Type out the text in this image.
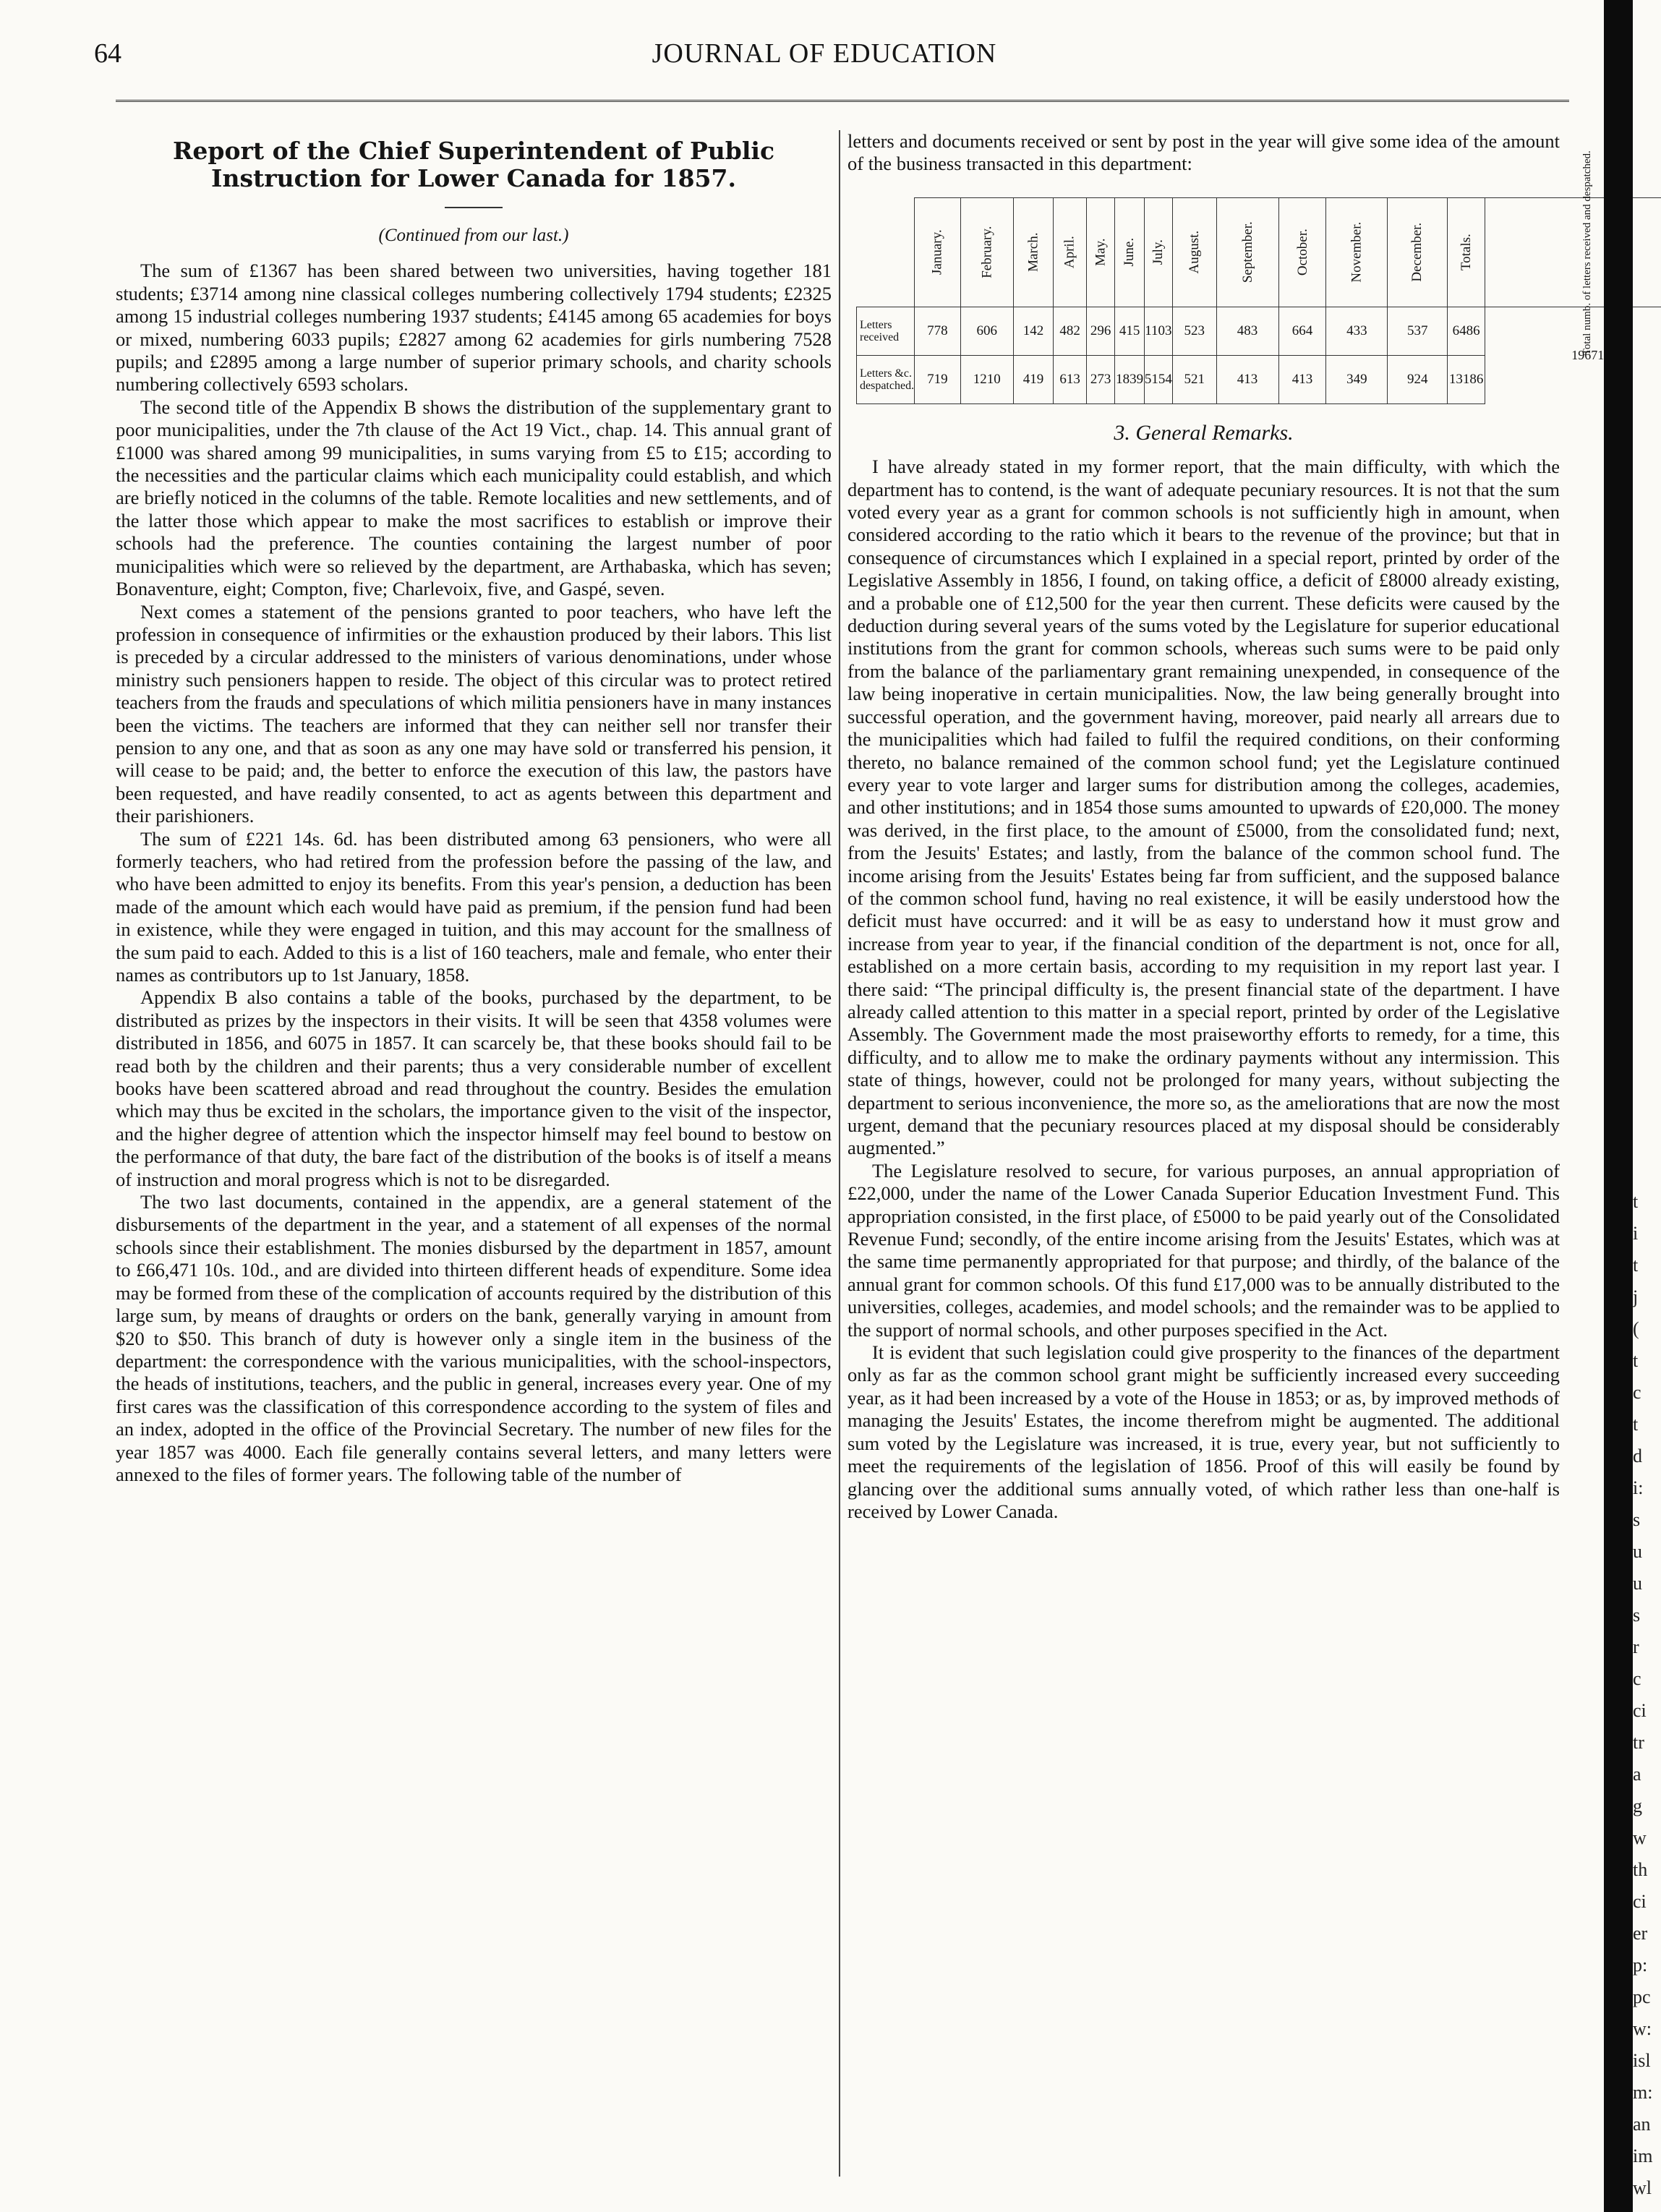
64	JOURNAL OF EDUCATION
Report of the Chief Superintendent of Public Instruction for Lower Canada for 1857.
(Continued from our last.)

The sum of £1367 has been shared between two universities, having together 181 students; £3714 among nine classical colleges numbering collectively 1794 students; £2325 among 15 industrial colleges numbering 1937 students; £4145 among 65 academies for boys or mixed, numbering 6033 pupils; £2827 among 62 academies for girls numbering 7528 pupils; and £2895 among a large number of superior primary schools, and charity schools numbering collectively 6593 scholars.

The second title of the Appendix B shows the distribution of the supplementary grant to poor municipalities, under the 7th clause of the Act 19 Vict., chap. 14. This annual grant of £1000 was shared among 99 municipalities, in sums varying from £5 to £15; according to the necessities and the particular claims which each municipality could establish, and which are briefly noticed in the columns of the table. Remote localities and new settlements, and of the latter those which appear to make the most sacrifices to establish or improve their schools had the preference. The counties containing the largest number of poor municipalities which were so relieved by the department, are Arthabaska, which has seven; Bonaventure, eight; Compton, five; Charlevoix, five, and Gaspé, seven.

Next comes a statement of the pensions granted to poor teachers, who have left the profession in consequence of infirmities or the exhaustion produced by their labors. This list is preceded by a circular addressed to the ministers of various denominations, under whose ministry such pensioners happen to reside. The object of this circular was to protect retired teachers from the frauds and speculations of which militia pensioners have in many instances been the victims. The teachers are informed that they can neither sell nor transfer their pension to any one, and that as soon as any one may have sold or transferred his pension, it will cease to be paid; and, the better to enforce the execution of this law, the pastors have been requested, and have readily consented, to act as agents between this department and their parishioners.

The sum of £221 14s. 6d. has been distributed among 63 pensioners, who were all formerly teachers, who had retired from the profession before the passing of the law, and who have been admitted to enjoy its benefits. From this year's pension, a deduction has been made of the amount which each would have paid as premium, if the pension fund had been in existence, while they were engaged in tuition, and this may account for the smallness of the sum paid to each. Added to this is a list of 160 teachers, male and female, who enter their names as contributors up to 1st January, 1858.

Appendix B also contains a table of the books, purchased by the department, to be distributed as prizes by the inspectors in their visits. It will be seen that 4358 volumes were distributed in 1856, and 6075 in 1857. It can scarcely be, that these books should fail to be read both by the children and their parents; thus a very considerable number of excellent books have been scattered abroad and read throughout the country. Besides the emulation which may thus be excited in the scholars, the importance given to the visit of the inspector, and the higher degree of attention which the inspector himself may feel bound to bestow on the performance of that duty, the bare fact of the distribution of the books is of itself a means of instruction and moral progress which is not to be disregarded.

The two last documents, contained in the appendix, are a general statement of the disbursements of the department in the year, and a statement of all expenses of the normal schools since their establishment. The monies disbursed by the department in 1857, amount to £66,471 10s. 10d., and are divided into thirteen different heads of expenditure. Some idea may be formed from these of the complication of accounts required by the distribution of this large sum, by means of draughts or orders on the bank, generally varying in amount from $20 to $50. This branch of duty is however only a single item in the business of the department: the correspondence with the various municipalities, with the school-inspectors, the heads of institutions, teachers, and the public in general, increases every year. One of my first cares was the classification of this correspondence according to the system of files and an index, adopted in the office of the Provincial Secretary. The number of new files for the year 1857 was 4000. Each file generally contains several letters, and many letters were annexed to the files of former years. The following table of the number of

letters and documents received or sent by post in the year will give some idea of the amount of the business transacted in this department:

	January.	February.	March.	April.	May.	June.	July.	August.	September.	October.	November.	December.	Totals.	Total numb. of letters received and despatched.
Letters received	778	606	142	482	296	415	1103	523	483	664	433	537	6486	19671
Letters &c. despatched.	719	1210	419	613	273	1839	5154	521	413	413	349	924	13186	
3. General Remarks.

I have already stated in my former report, that the main difficulty, with which the department has to contend, is the want of adequate pecuniary resources. It is not that the sum voted every year as a grant for common schools is not sufficiently high in amount, when considered according to the ratio which it bears to the revenue of the province; but that in consequence of circumstances which I explained in a special report, printed by order of the Legislative Assembly in 1856, I found, on taking office, a deficit of £8000 already existing, and a probable one of £12,500 for the year then current. These deficits were caused by the deduction during several years of the sums voted by the Legislature for superior educational institutions from the grant for common schools, whereas such sums were to be paid only from the balance of the parliamentary grant remaining unexpended, in consequence of the law being inoperative in certain municipalities. Now, the law being generally brought into successful operation, and the government having, moreover, paid nearly all arrears due to the municipalities which had failed to fulfil the required conditions, on their conforming thereto, no balance remained of the common school fund; yet the Legislature continued every year to vote larger and larger sums for distribution among the colleges, academies, and other institutions; and in 1854 those sums amounted to upwards of £20,000. The money was derived, in the first place, to the amount of £5000, from the consolidated fund; next, from the Jesuits' Estates; and lastly, from the balance of the common school fund. The income arising from the Jesuits' Estates being far from sufficient, and the supposed balance of the common school fund, having no real existence, it will be easily understood how the deficit must have occurred: and it will be as easy to understand how it must grow and increase from year to year, if the financial condition of the department is not, once for all, established on a more certain basis, according to my requisition in my report last year. I there said: “The principal difficulty is, the present financial state of the department. I have already called attention to this matter in a special report, printed by order of the Legislative Assembly. The Government made the most praiseworthy efforts to remedy, for a time, this difficulty, and to allow me to make the ordinary payments without any intermission. This state of things, however, could not be prolonged for many years, without subjecting the department to serious inconvenience, the more so, as the ameliorations that are now the most urgent, demand that the pecuniary resources placed at my disposal should be considerably augmented.”

The Legislature resolved to secure, for various purposes, an annual appropriation of £22,000, under the name of the Lower Canada Superior Education Investment Fund. This appropriation consisted, in the first place, of £5000 to be paid yearly out of the Consolidated Revenue Fund; secondly, of the entire income arising from the Jesuits' Estates, which was at the same time permanently appropriated for that purpose; and thirdly, of the balance of the annual grant for common schools. Of this fund £17,000 was to be annually distributed to the universities, colleges, academies, and model schools; and the remainder was to be applied to the support of normal schools, and other purposes specified in the Act.

It is evident that such legislation could give prosperity to the finances of the department only as far as the common school grant might be sufficiently increased every succeeding year, as it had been increased by a vote of the House in 1853; or as, by improved methods of managing the Jesuits' Estates, the income therefrom might be augmented. The additional sum voted by the Legislature was increased, it is true, every year, but not sufficiently to meet the requirements of the legislation of 1856. Proof of this will easily be found by glancing over the additional sums annually voted, of which rather less than one-half is received by Lower Canada.

t
i
t
j
(
t
c
t
d
i:
s
u
u
s
r
c
ci
tr
a
g
w
th
ci
er
p:
pc
w:
isl
m:
an
im
wl
